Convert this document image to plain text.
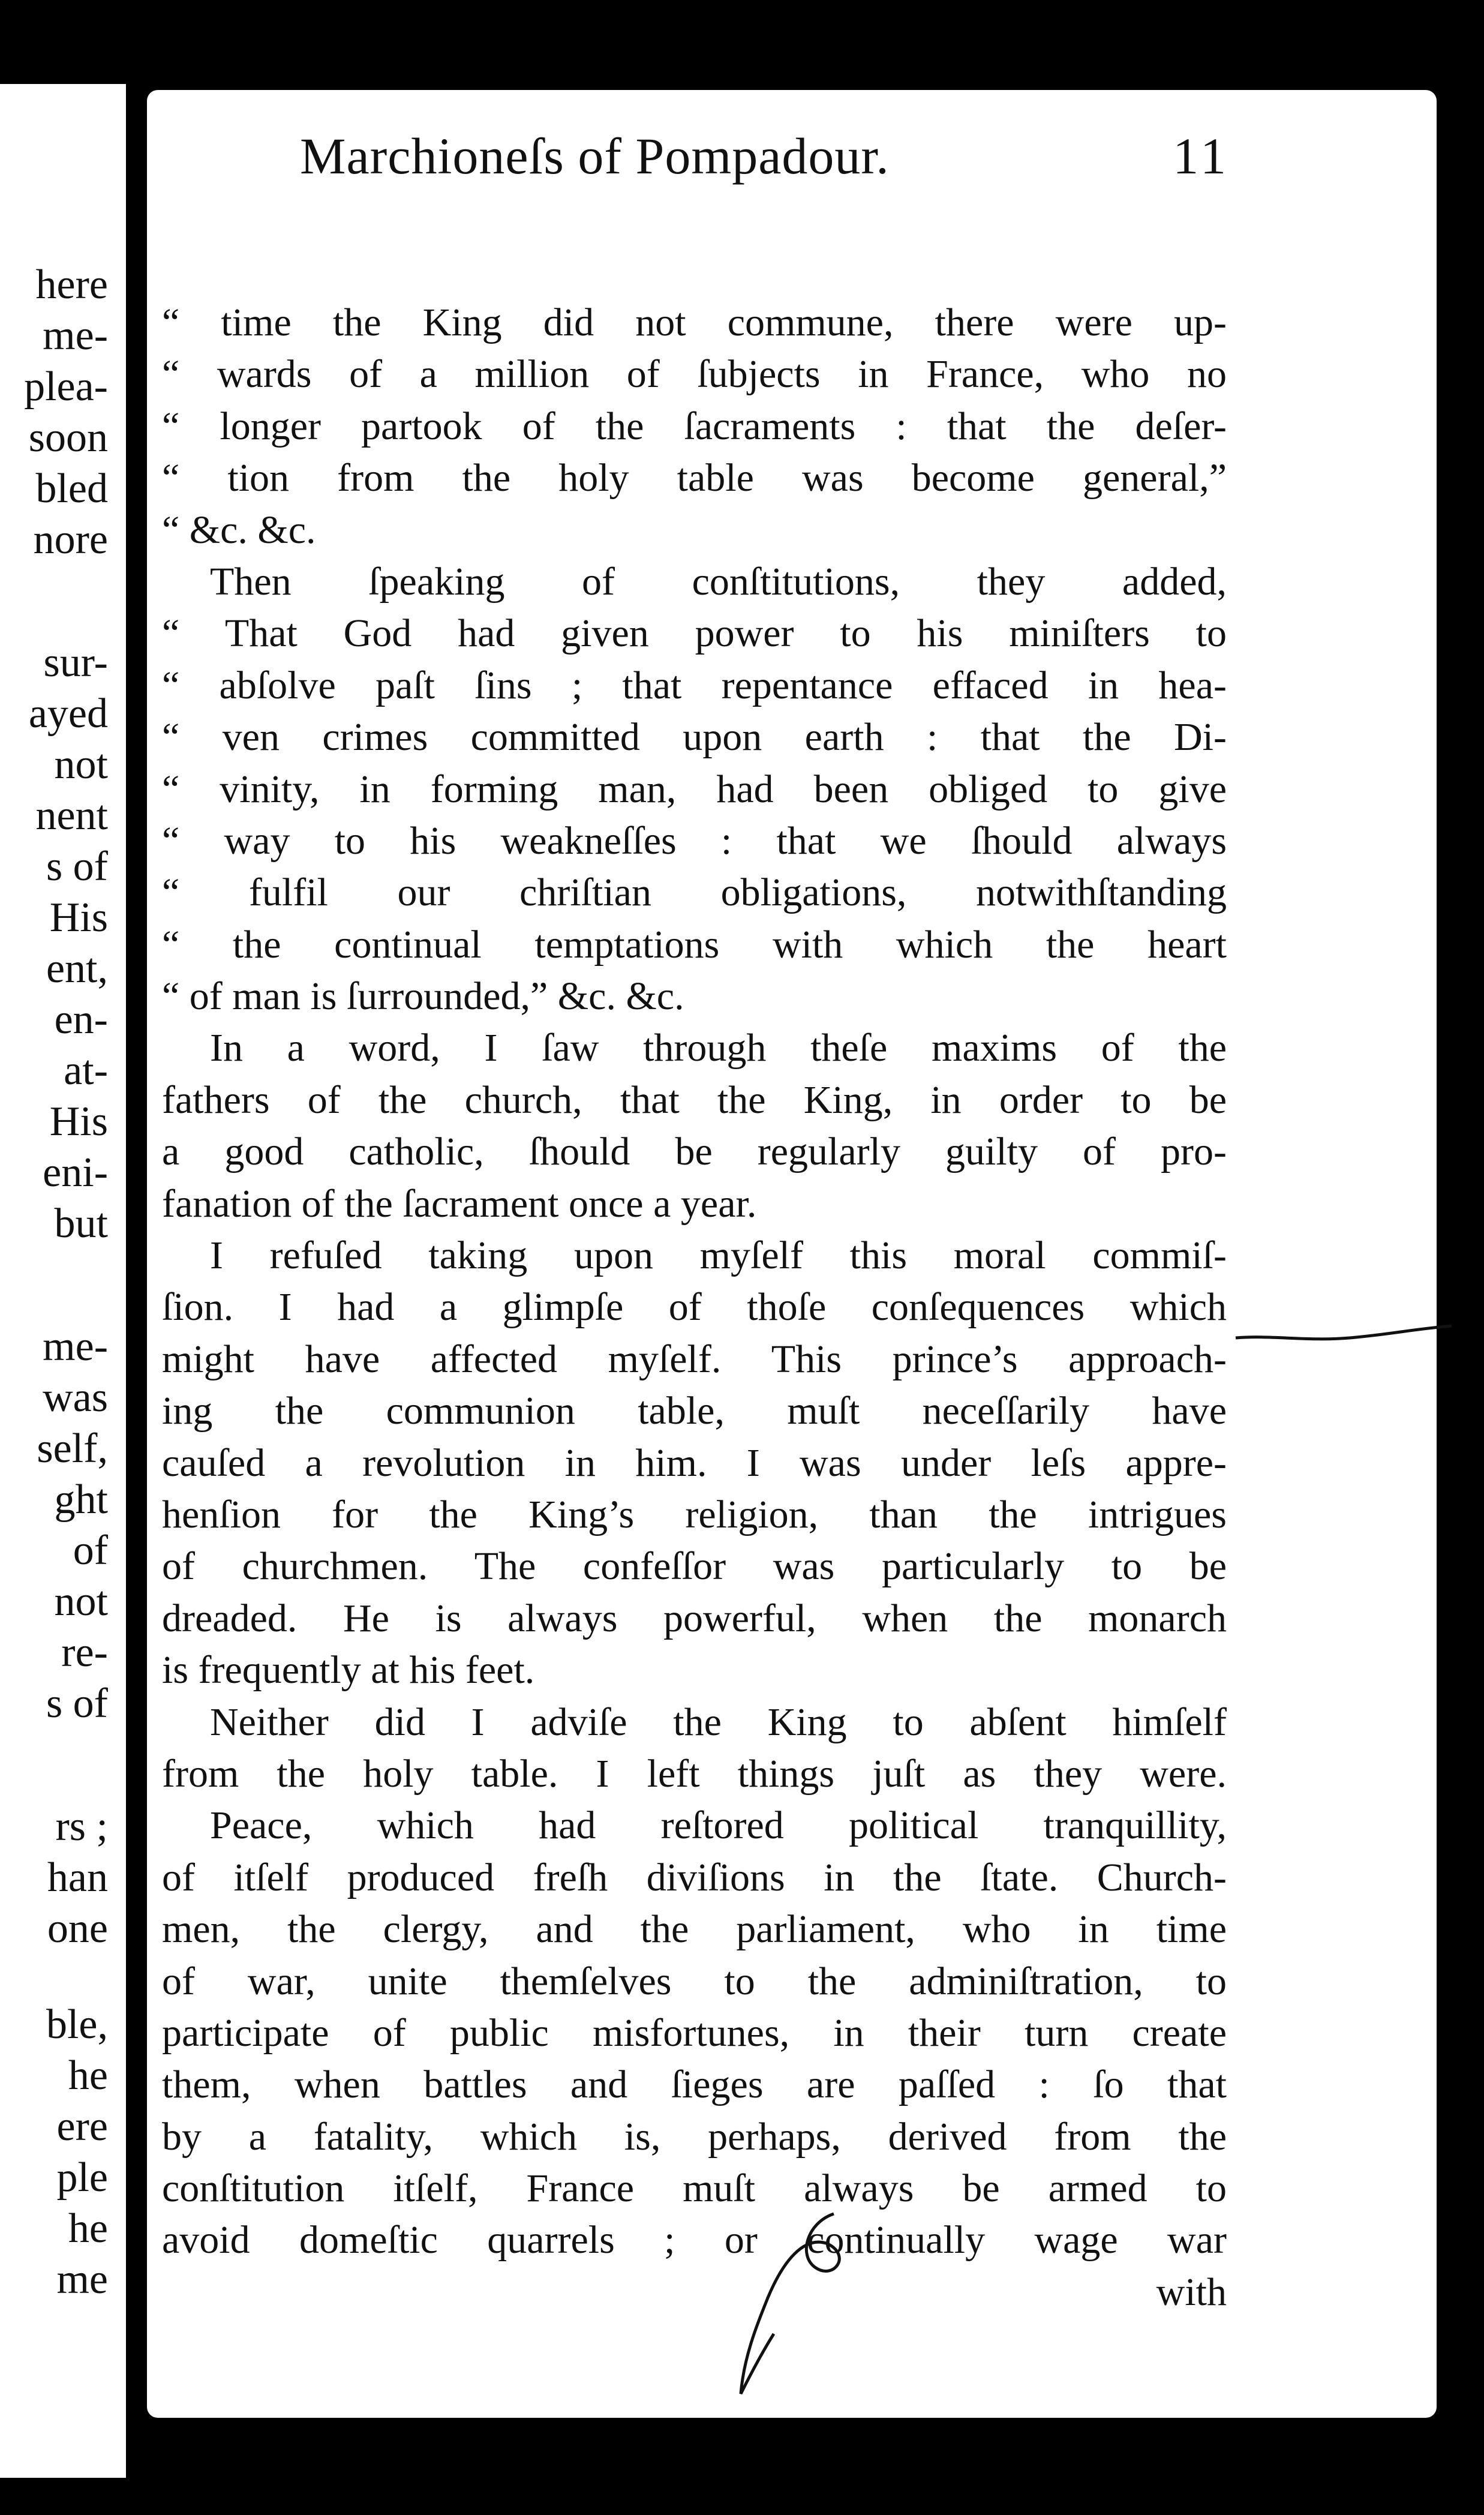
here
me-
plea-
soon
bled
nore
sur-
ayed
not
nent
s of
His
ent,
en-
at-
His
eni-
but
me-
was
self,
ght
of
not
re-
s of
rs ;
han
one
ble,
he
ere
ple
he
me
Marchioneſs of Pompadour.	11
“ time the King did not commune, there were up-
“ wards of a million of ſubjects in France, who no
“ longer partook of the ſacraments : that the deſer-
“ tion from the holy table was become general,”
“ &c. &c.
Then ſpeaking of conſtitutions, they added,
“ That God had given power to his miniſters to
“ abſolve paſt ſins ; that repentance effaced in hea-
“ ven crimes committed upon earth : that the Di-
“ vinity, in forming man, had been obliged to give
“ way to his weakneſſes : that we ſhould always
“ fulfil our chriſtian obligations, notwithſtanding
“ the continual temptations with which the heart
“ of man is ſurrounded,” &c. &c.
In a word, I ſaw through theſe maxims of the
fathers of the church, that the King, in order to be
a good catholic, ſhould be regularly guilty of pro-
fanation of the ſacrament once a year.
I refuſed taking upon myſelf this moral commiſ-
ſion. I had a glimpſe of thoſe conſequences which
might have affected myſelf. This prince’s approach-
ing the communion table, muſt neceſſarily have
cauſed a revolution in him. I was under leſs appre-
henſion for the King’s religion, than the intrigues
of churchmen. The confeſſor was particularly to be
dreaded. He is always powerful, when the monarch
is frequently at his feet.
Neither did I adviſe the King to abſent himſelf
from the holy table. I left things juſt as they were.
Peace, which had reſtored political tranquillity,
of itſelf produced freſh diviſions in the ſtate. Church-
men, the clergy, and the parliament, who in time
of war, unite themſelves to the adminiſtration, to
participate of public misfortunes, in their turn create
them, when battles and ſieges are paſſed : ſo that
by a fatality, which is, perhaps, derived from the
conſtitution itſelf, France muſt always be armed to
avoid domeſtic quarrels ; or continually wage war
with
